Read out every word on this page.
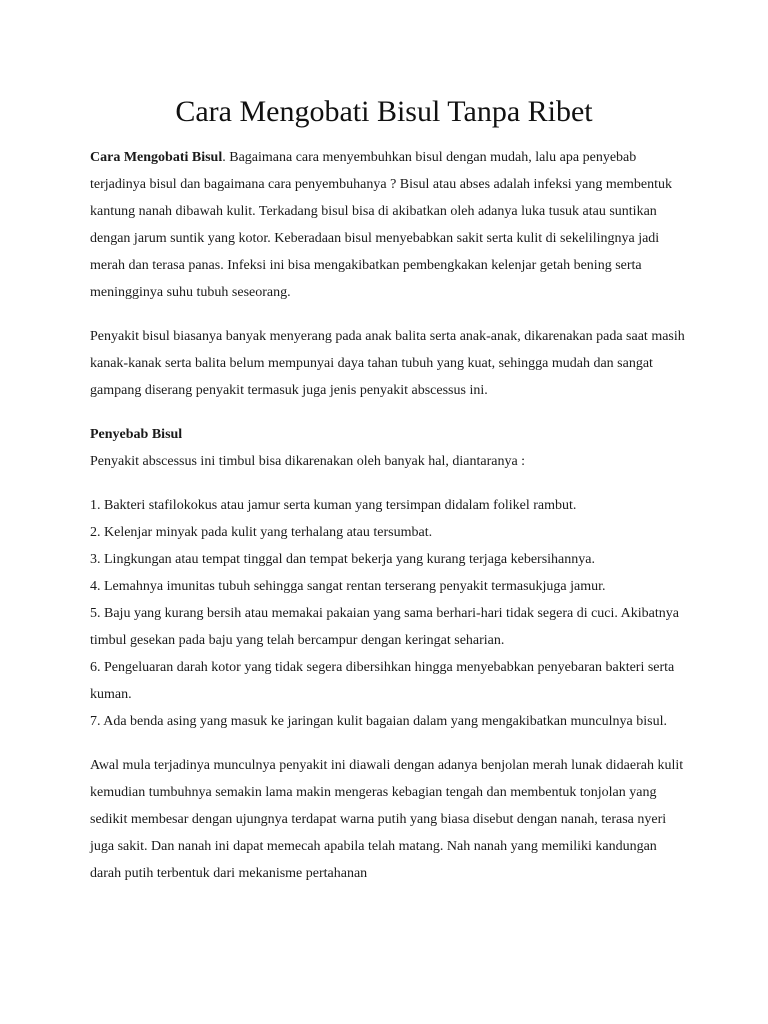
Cara Mengobati Bisul Tanpa Ribet

Cara Mengobati Bisul. Bagaimana cara menyembuhkan bisul dengan mudah, lalu apa penyebab terjadinya bisul dan bagaimana cara penyembuhanya ? Bisul atau abses adalah infeksi yang membentuk kantung nanah dibawah kulit. Terkadang bisul bisa di akibatkan oleh adanya luka tusuk atau suntikan dengan jarum suntik yang kotor. Keberadaan bisul menyebabkan sakit serta kulit di sekelilingnya jadi merah dan terasa panas. Infeksi ini bisa mengakibatkan pembengkakan kelenjar getah bening serta meningginya suhu tubuh seseorang.

Penyakit bisul biasanya banyak menyerang pada anak balita serta anak-anak, dikarenakan pada saat masih kanak-kanak serta balita belum mempunyai daya tahan tubuh yang kuat, sehingga mudah dan sangat gampang diserang penyakit termasuk juga jenis penyakit abscessus ini.

Penyebab Bisul

Penyakit abscessus ini timbul bisa dikarenakan oleh banyak hal, diantaranya :

1. Bakteri stafilokokus atau jamur serta kuman yang tersimpan didalam folikel rambut.
2. Kelenjar minyak pada kulit yang terhalang atau tersumbat.
3. Lingkungan atau tempat tinggal dan tempat bekerja yang kurang terjaga kebersihannya.
4. Lemahnya imunitas tubuh sehingga sangat rentan terserang penyakit termasukjuga jamur.
5. Baju yang kurang bersih atau memakai pakaian yang sama berhari-hari tidak segera di cuci. Akibatnya timbul gesekan pada baju yang telah bercampur dengan keringat seharian.
6. Pengeluaran darah kotor yang tidak segera dibersihkan hingga menyebabkan penyebaran bakteri serta kuman.
7. Ada benda asing yang masuk ke jaringan kulit bagaian dalam yang mengakibatkan munculnya bisul.

Awal mula terjadinya munculnya penyakit ini diawali dengan adanya benjolan merah lunak didaerah kulit kemudian tumbuhnya semakin lama makin mengeras kebagian tengah dan membentuk tonjolan yang sedikit membesar dengan ujungnya terdapat warna putih yang biasa disebut dengan nanah, terasa nyeri juga sakit. Dan nanah ini dapat memecah apabila telah matang. Nah nanah yang memiliki kandungan darah putih terbentuk dari mekanisme pertahanan
